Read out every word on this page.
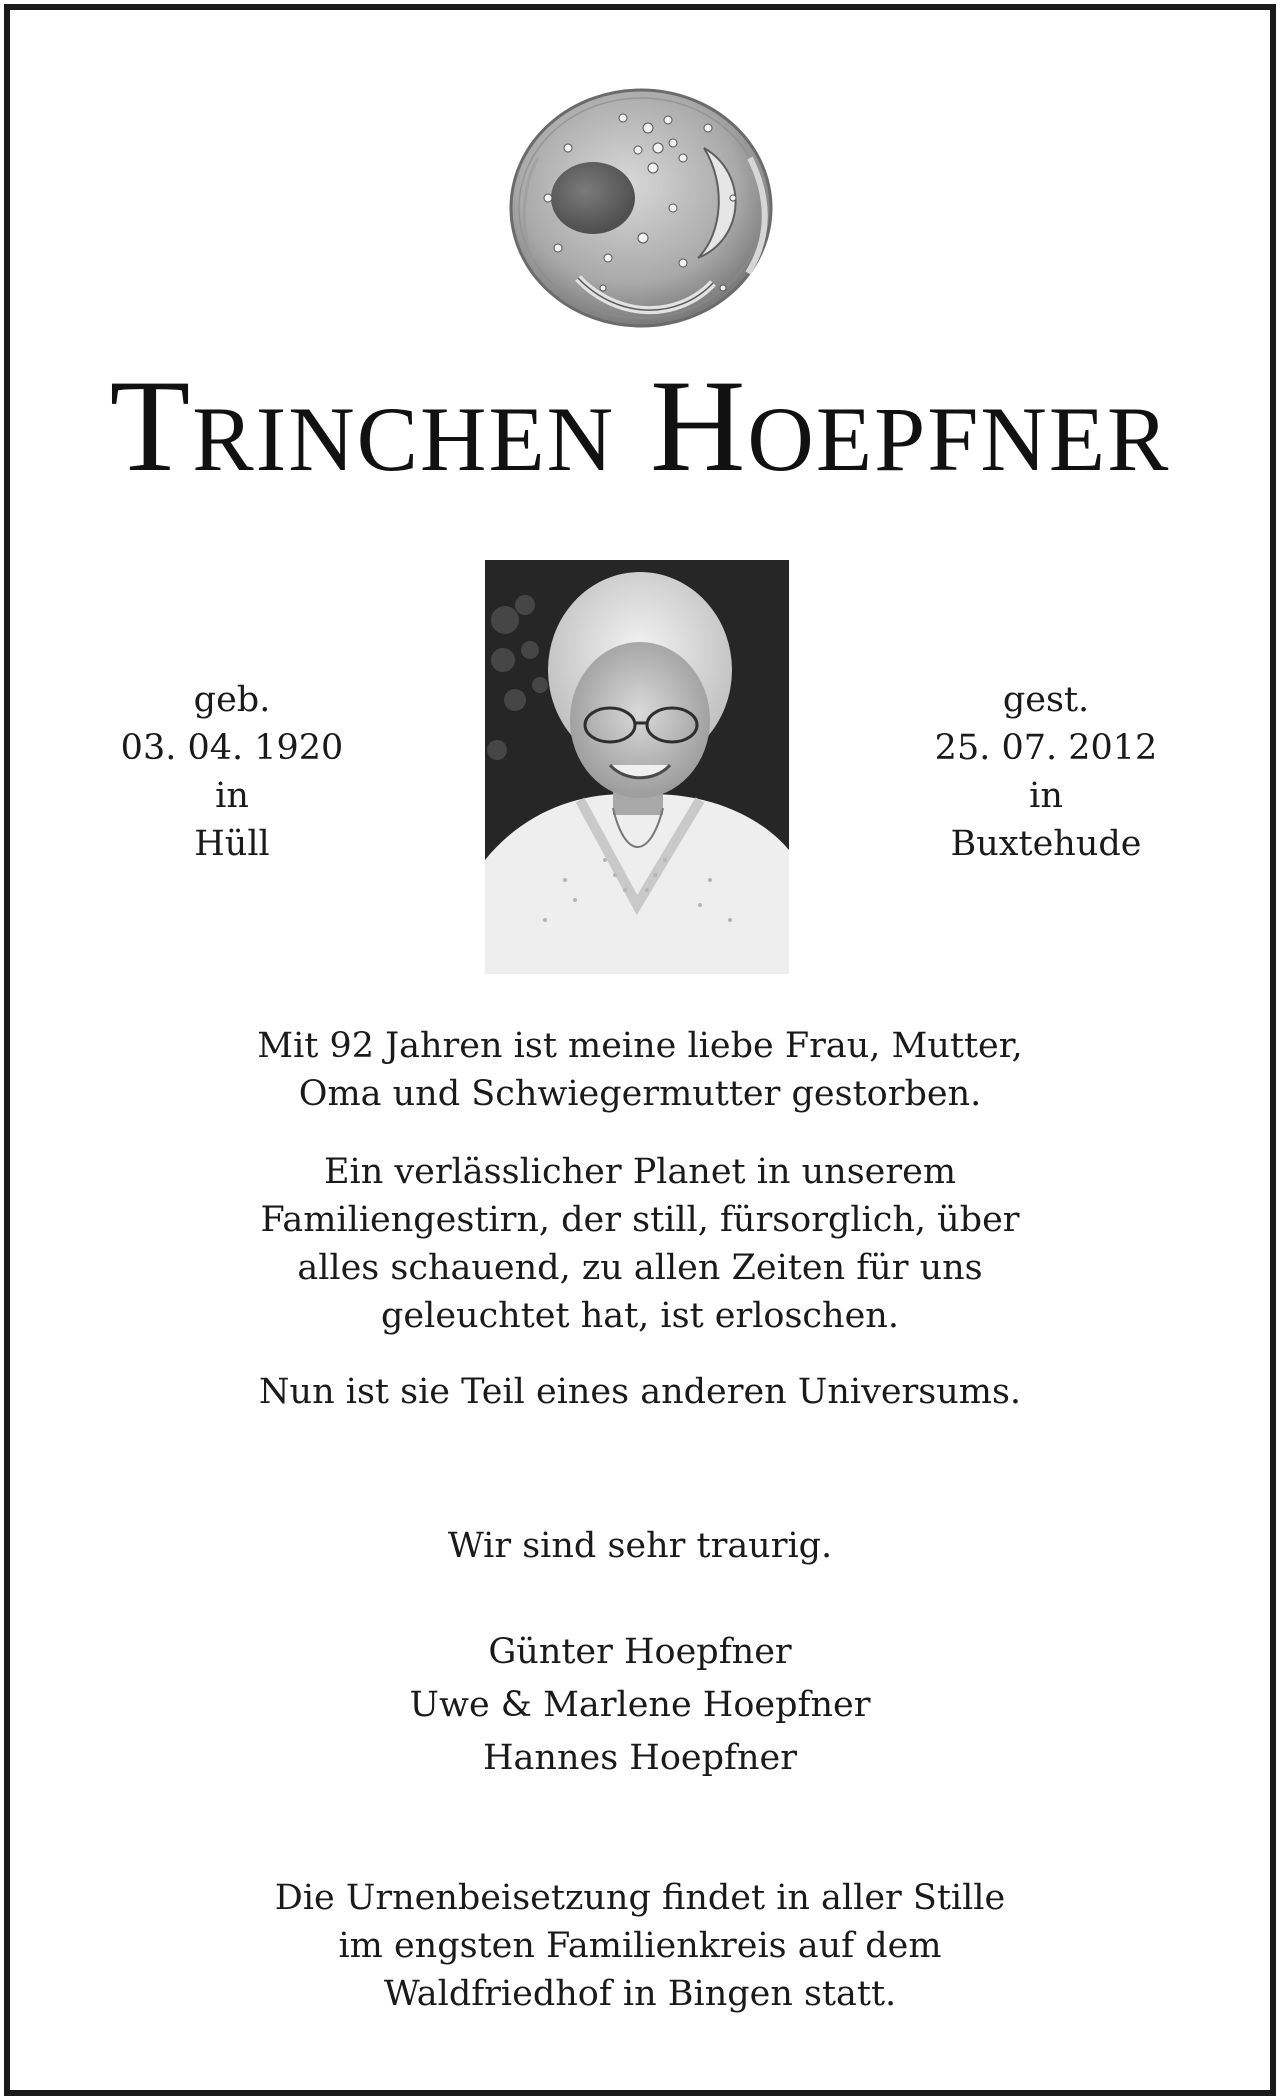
Trinchen Hoepfner
geb.
03. 04. 1920
in
Hüll
gest.
25. 07. 2012
in
Buxtehude
Mit 92 Jahren ist meine liebe Frau, Mutter,
Oma und Schwiegermutter gestorben.
Ein verlässlicher Planet in unserem
Familiengestirn, der still, fürsorglich, über
alles schauend, zu allen Zeiten für uns
geleuchtet hat, ist erloschen.
Nun ist sie Teil eines anderen Universums.
Wir sind sehr traurig.
Günter Hoepfner
Uwe & Marlene Hoepfner
Hannes Hoepfner
Die Urnenbeisetzung findet in aller Stille
im engsten Familienkreis auf dem
Waldfriedhof in Bingen statt.
